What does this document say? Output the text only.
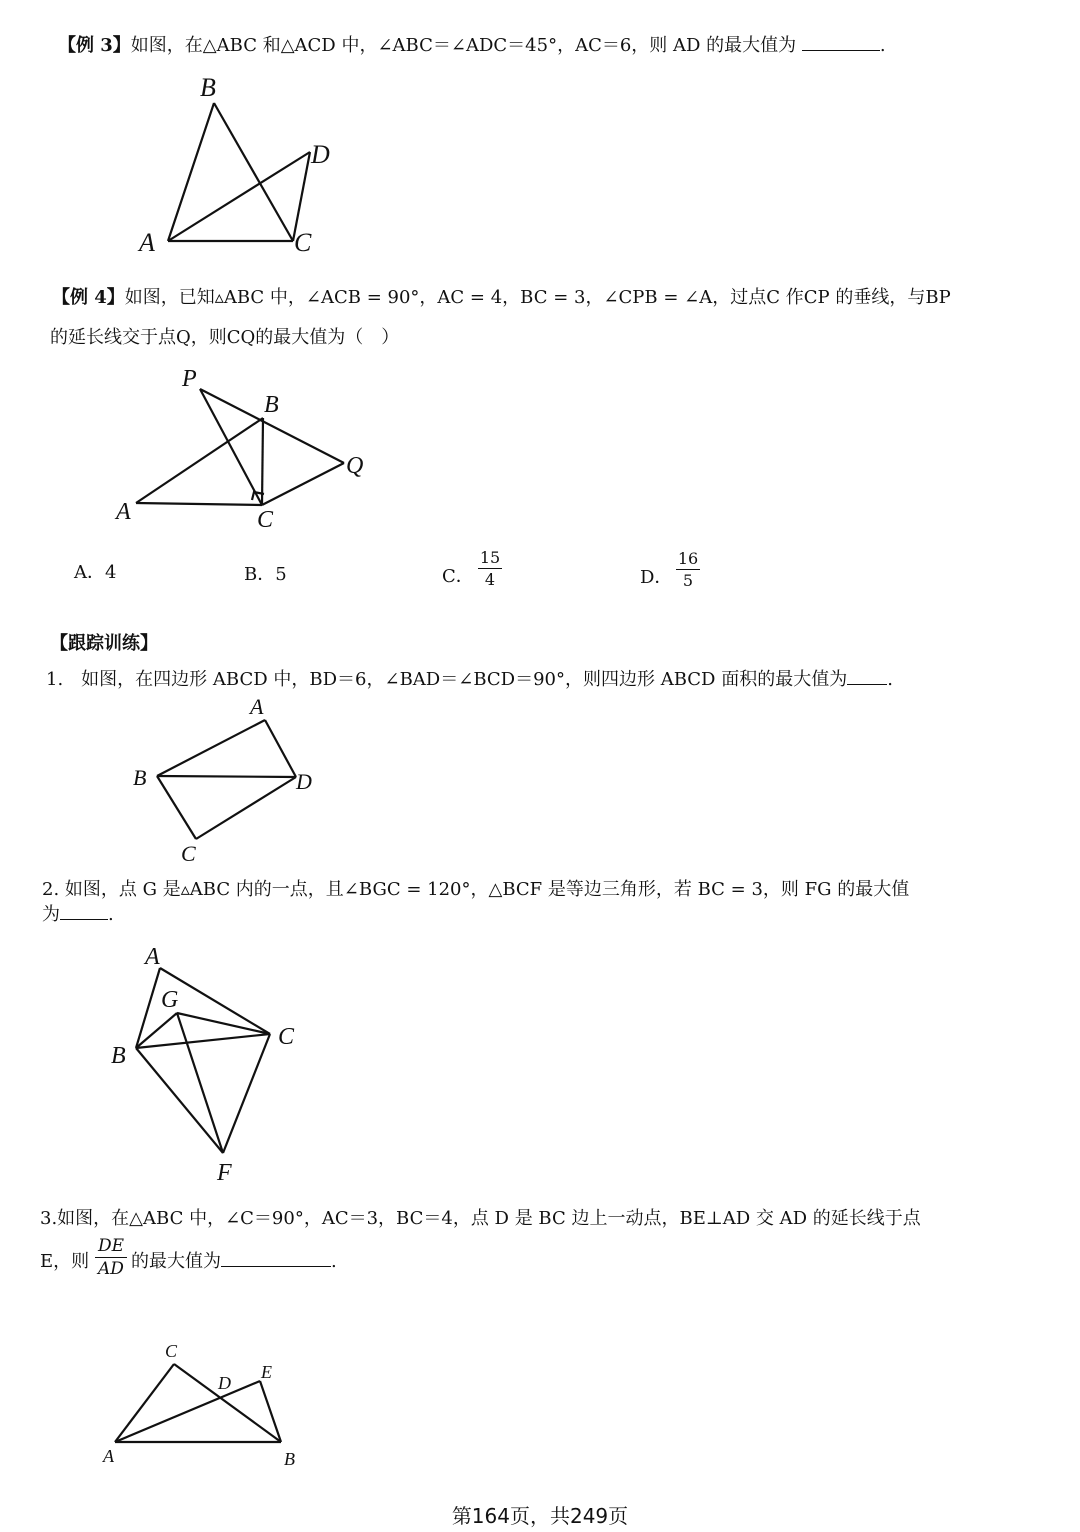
【例 3】如图，在△ABC 和△ACD 中，∠ABC＝∠ADC＝45°，AC＝6，则 AD 的最大值为	.
B
D
A	C
【例 4】如图，已知▵ABC 中，∠ACB = 90°，AC = 4，BC = 3，∠CPB = ∠A，过点C 作CP 的垂线，与BP
的延长线交于点Q，则CQ的最大值为（　）
P
B
Q
A	C
A．4	B．5	C．
15
4	D．
16
5
【跟踪训练】
1.　如图，在四边形 ABCD 中，BD＝6，∠BAD＝∠BCD＝90°，则四边形 ABCD 面积的最大值为 .
A
B	D
C
2. 如图，点 G 是▵ABC 内的一点，且∠BGC = 120°，△BCF 是等边三角形，若 BC = 3，则 FG 的最大值
为	.
A
G
C
B
F
3.如图，在△ABC 中，∠C＝90°，AC＝3，BC＝4，点 D 是 BC 边上一动点，BE⊥AD 交 AD 的延长线于点
E，则
DE
AD 的最大值为	.
C
D
E
A	B
第164页，共249页
